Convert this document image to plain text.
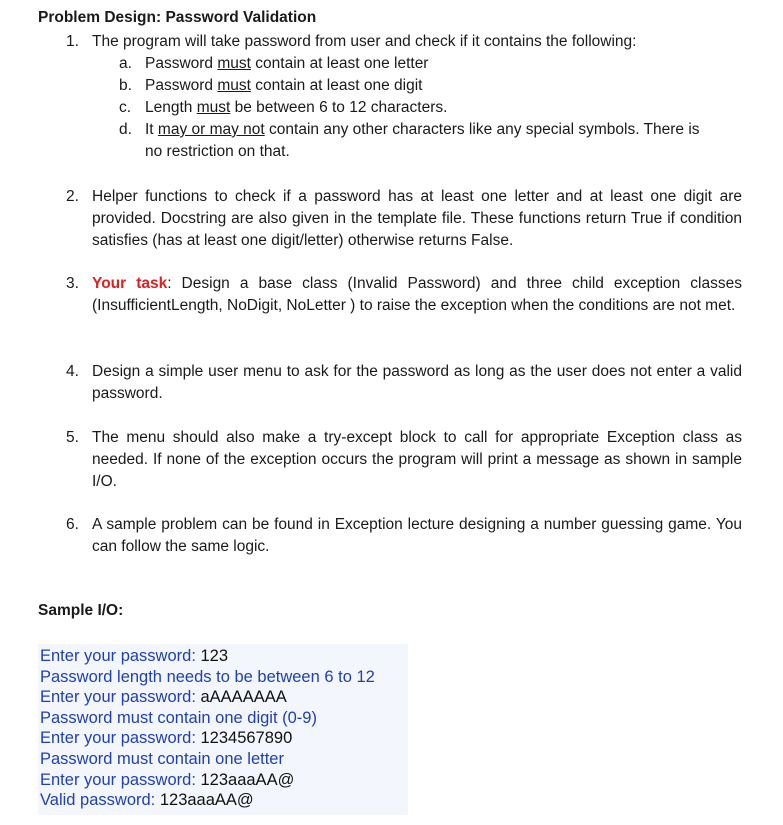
Problem Design: Password Validation
1. The program will take password from user and check if it contains the following:
a. Password must contain at least one letter
b. Password must contain at least one digit
c. Length must be between 6 to 12 characters.
d. It may or may not contain any other characters like any special symbols. There is
no restriction on that.
2. Helper functions to check if a password has at least one letter and at least one digit are provided. Docstring are also given in the template file. These functions return True if condition satisfies (has at least one digit/letter) otherwise returns False.
3. Your task: Design a base class (Invalid Password) and three child exception classes (InsufficientLength, NoDigit, NoLetter ) to raise the exception when the conditions are not met.
4. Design a simple user menu to ask for the password as long as the user does not enter a valid password.
5. The menu should also make a try-except block to call for appropriate Exception class as needed. If none of the exception occurs the program will print a message as shown in sample I/O.
6. A sample problem can be found in Exception lecture designing a number guessing game. You can follow the same logic.
Sample I/O:
Enter your password: 123
Password length needs to be between 6 to 12
Enter your password: aAAAAAAA
Password must contain one digit (0-9)
Enter your password: 1234567890
Password must contain one letter
Enter your password: 123aaaAA@
Valid password: 123aaaAA@
